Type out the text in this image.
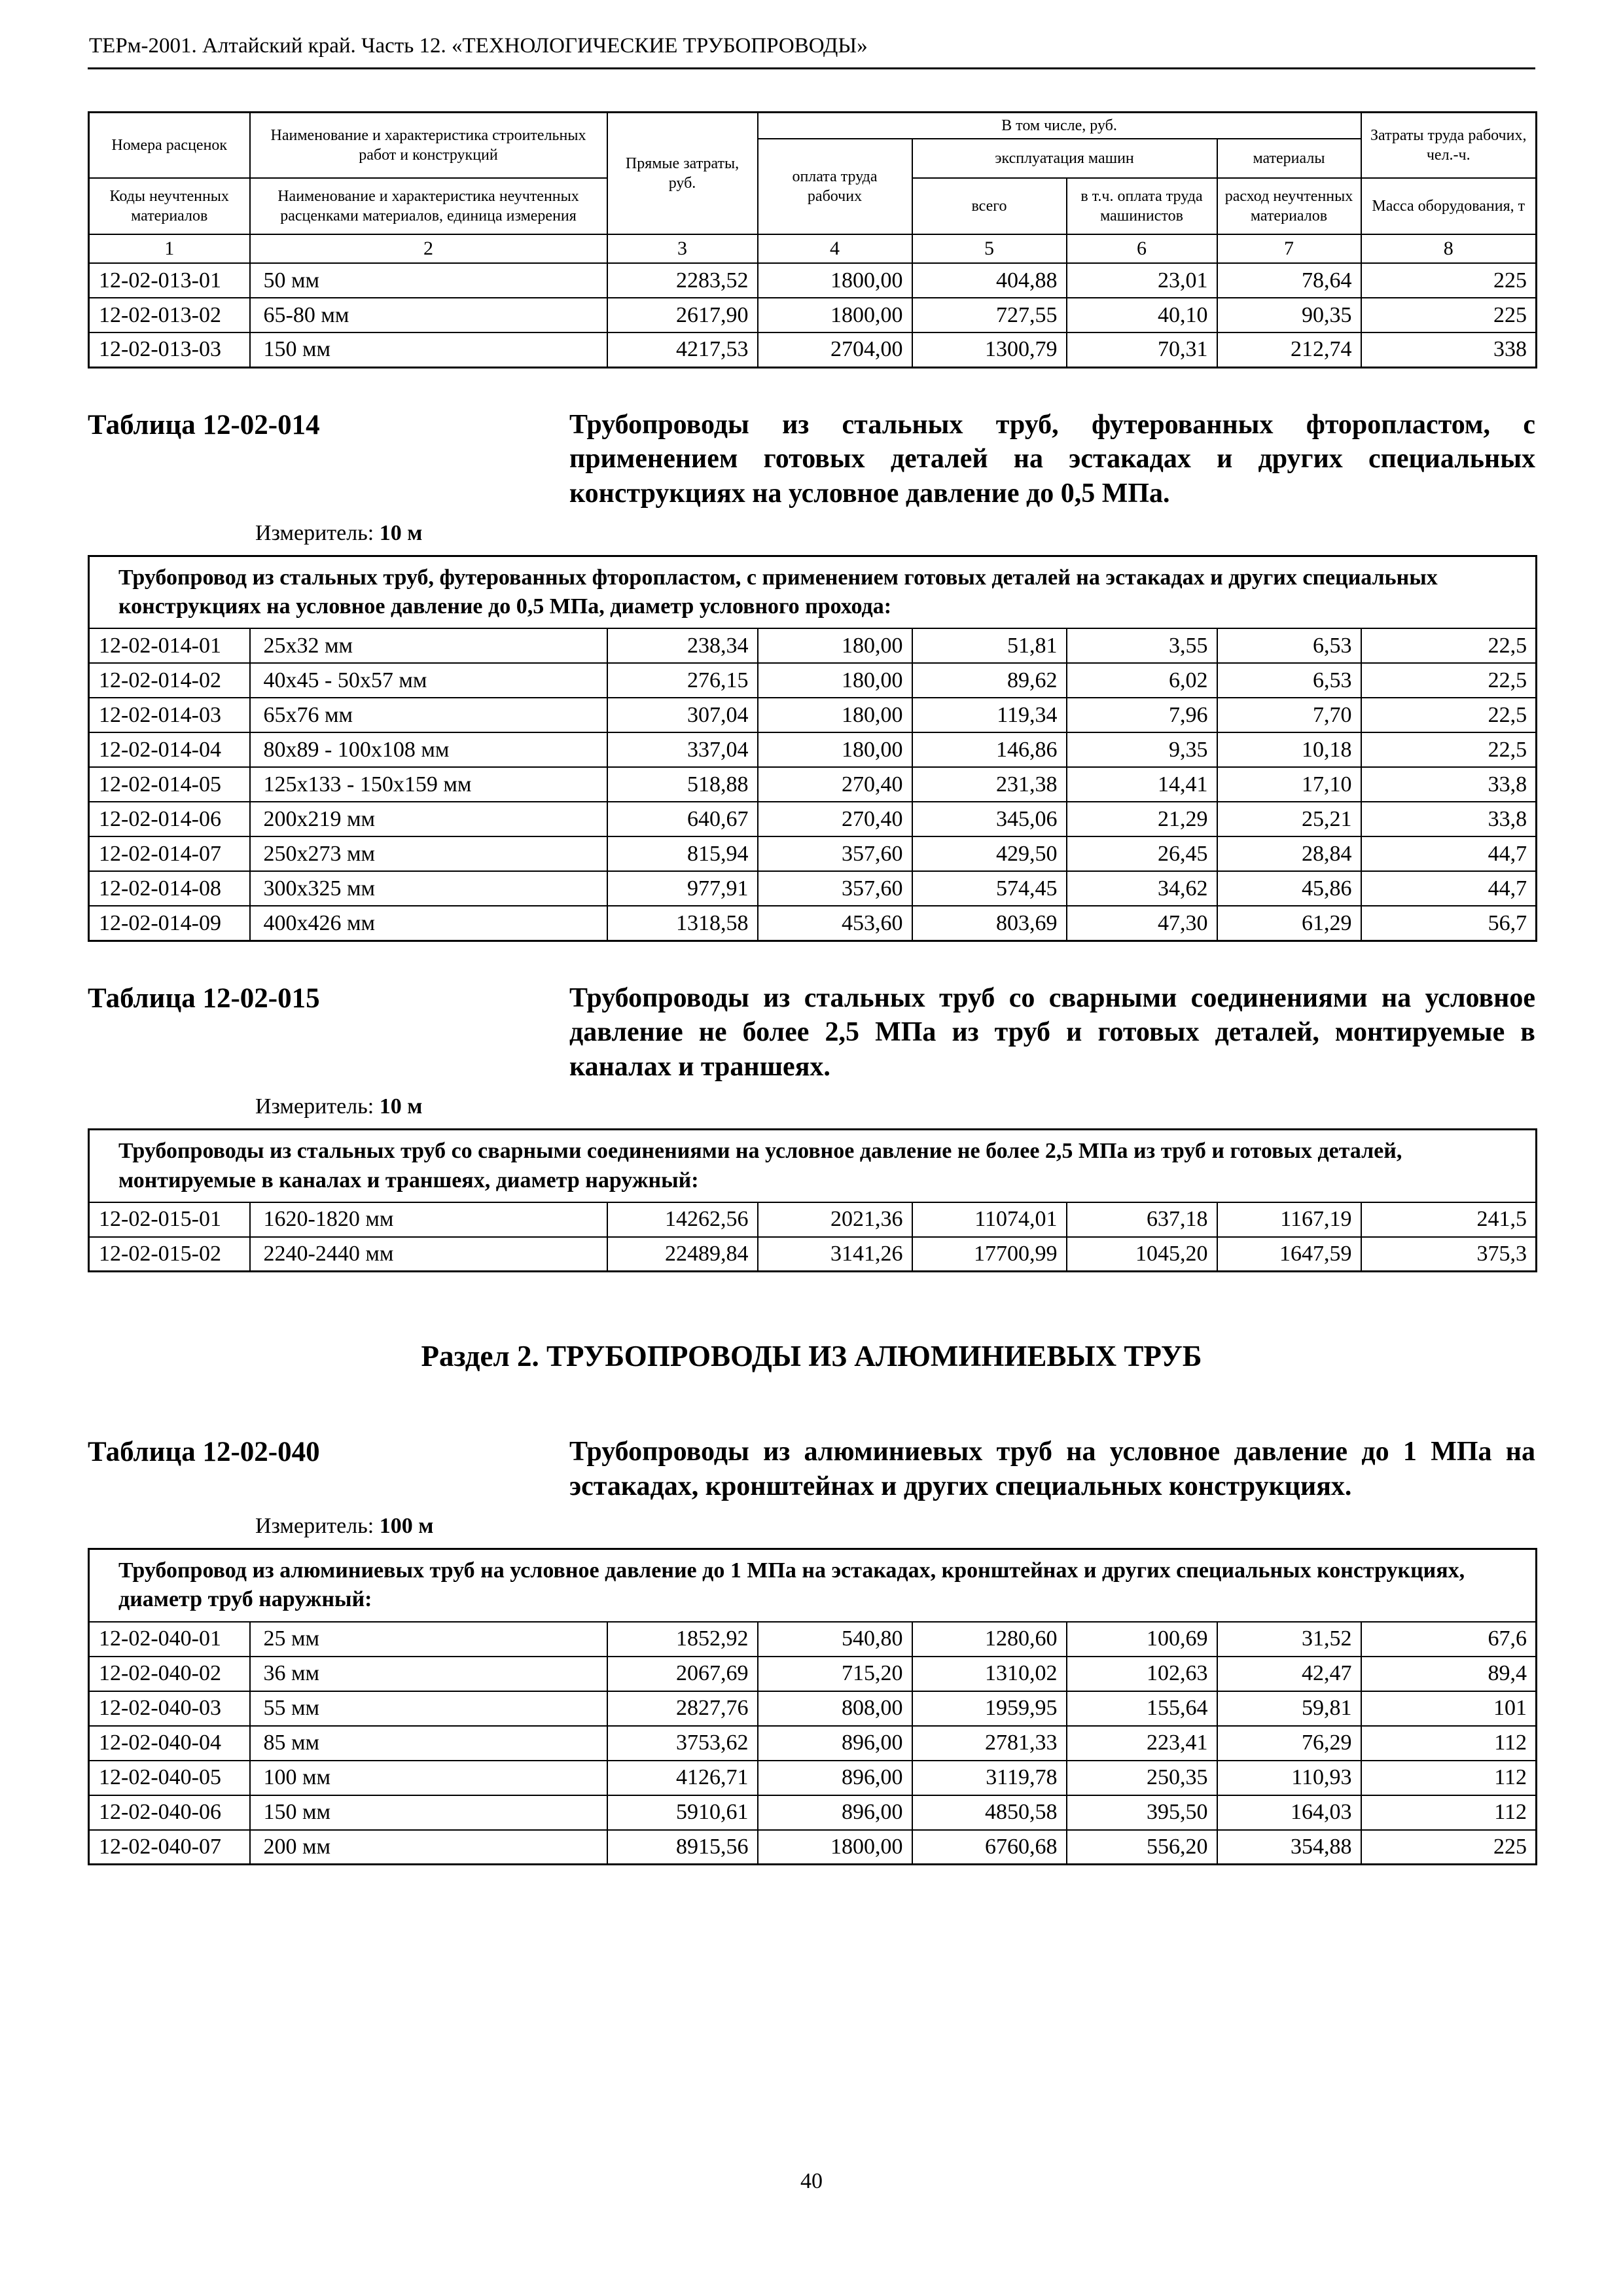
ТЕРм-2001. Алтайский край. Часть 12. «ТЕХНОЛОГИЧЕСКИЕ ТРУБОПРОВОДЫ»
Номера расценок	Наименование и характеристика строительных работ и конструкций	Прямые затраты, руб.	В том числе, руб.				Затраты труда рабочих, чел.-ч.
			оплата труда рабочих	эксплуатация машин		материалы	
Коды неучтенных материалов	Наименование и характеристика неучтенных расценками материалов, единица измерения			всего	в т.ч. оплата труда машинистов	расход неучтенных материалов	Масса оборудования, т
1	2	3	4	5	6	7	8
12-02-013-01	50 мм	2283,52	1800,00	404,88	23,01	78,64	225
12-02-013-02	65-80 мм	2617,90	1800,00	727,55	40,10	90,35	225
12-02-013-03	150 мм	4217,53	2704,00	1300,79	70,31	212,74	338
Таблица 12-02-014	Трубопроводы из стальных труб, футерованных фторопластом, с применением готовых деталей на эстакадах и других специальных конструкциях на условное давление до 0,5 МПа.
Измеритель: 10 м
Трубопровод из стальных труб, футерованных фторопластом, с применением готовых деталей на эстакадах и других специальных конструкциях на условное давление до 0,5 МПа, диаметр условного прохода:							
12-02-014-01	25х32 мм	238,34	180,00	51,81	3,55	6,53	22,5
12-02-014-02	40х45 - 50х57 мм	276,15	180,00	89,62	6,02	6,53	22,5
12-02-014-03	65х76 мм	307,04	180,00	119,34	7,96	7,70	22,5
12-02-014-04	80х89 - 100х108 мм	337,04	180,00	146,86	9,35	10,18	22,5
12-02-014-05	125х133 - 150х159 мм	518,88	270,40	231,38	14,41	17,10	33,8
12-02-014-06	200х219 мм	640,67	270,40	345,06	21,29	25,21	33,8
12-02-014-07	250х273 мм	815,94	357,60	429,50	26,45	28,84	44,7
12-02-014-08	300х325 мм	977,91	357,60	574,45	34,62	45,86	44,7
12-02-014-09	400х426 мм	1318,58	453,60	803,69	47,30	61,29	56,7
Таблица 12-02-015	Трубопроводы из стальных труб со сварными соединениями на условное давление не более 2,5 МПа из труб и готовых деталей, монтируемые в каналах и траншеях.
Измеритель: 10 м
Трубопроводы из стальных труб со сварными соединениями на условное давление не более 2,5 МПа из труб и готовых деталей, монтируемые в каналах и траншеях, диаметр наружный:							
12-02-015-01	1620-1820 мм	14262,56	2021,36	11074,01	637,18	1167,19	241,5
12-02-015-02	2240-2440 мм	22489,84	3141,26	17700,99	1045,20	1647,59	375,3
Раздел 2. ТРУБОПРОВОДЫ ИЗ АЛЮМИНИЕВЫХ ТРУБ
Таблица 12-02-040	Трубопроводы из алюминиевых труб на условное давление до 1 МПа на эстакадах, кронштейнах и других специальных конструкциях.
Измеритель: 100 м
Трубопровод из алюминиевых труб на условное давление до 1 МПа на эстакадах, кронштейнах и других специальных конструкциях, диаметр труб наружный:							
12-02-040-01	25 мм	1852,92	540,80	1280,60	100,69	31,52	67,6
12-02-040-02	36 мм	2067,69	715,20	1310,02	102,63	42,47	89,4
12-02-040-03	55 мм	2827,76	808,00	1959,95	155,64	59,81	101
12-02-040-04	85 мм	3753,62	896,00	2781,33	223,41	76,29	112
12-02-040-05	100 мм	4126,71	896,00	3119,78	250,35	110,93	112
12-02-040-06	150 мм	5910,61	896,00	4850,58	395,50	164,03	112
12-02-040-07	200 мм	8915,56	1800,00	6760,68	556,20	354,88	225
40
